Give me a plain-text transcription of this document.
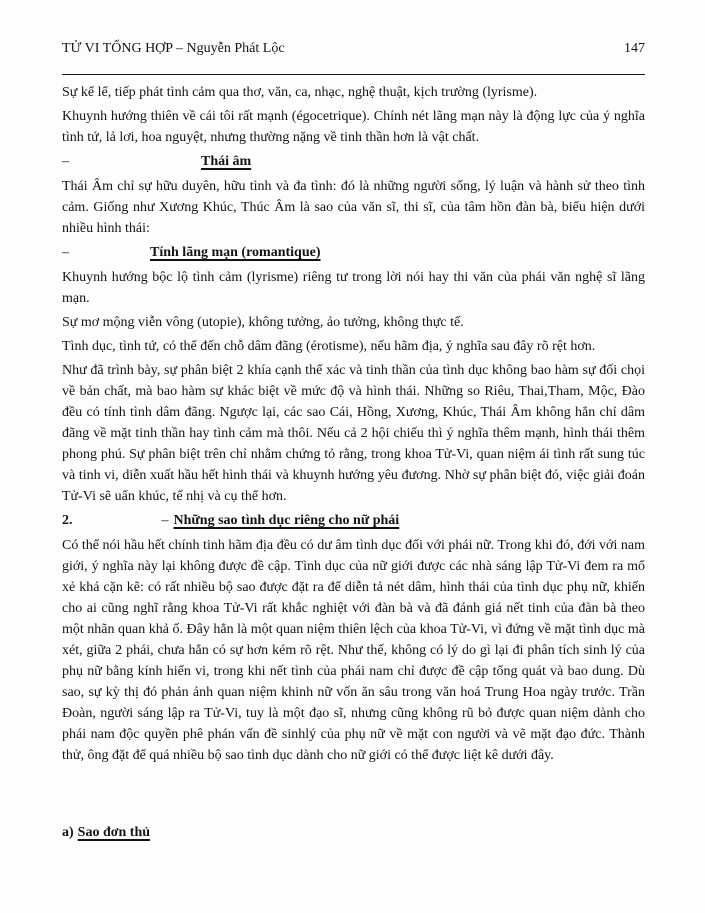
TỬ VI TỔNG HỢP – Nguyễn Phát Lộc	147

Sự kể lể, tiếp phát tình cảm qua thơ, văn, ca, nhạc, nghệ thuật, kịch trường (lyrisme).

Khuynh hướng thiên về cái tôi rất mạnh (égocetrique). Chính nét lãng mạn này là động lực của ý nghĩa tình tứ, lả lơi, hoa nguyệt, nhưng thường nặng về tinh thần hơn là vật chất.

–	Thái âm

Thái Âm chỉ sự hữu duyên, hữu tình và đa tình: đó là những người sống, lý luận và hành sử theo tình cảm. Giống như Xương Khúc, Thúc Âm là sao của văn sĩ, thi sĩ, của tâm hồn đàn bà, biểu hiện dưới nhiều hình thái:

–	Tính lãng mạn (romantique)

Khuynh hướng bộc lộ tình cảm (lyrisme) riêng tư trong lời nói hay thi văn của phái văn nghệ sĩ lãng mạn.

Sự mơ mộng viễn vông (utopie), không tưởng, ảo tưởng, không thực tế.

Tình dục, tình tứ, có thể đến chỗ dâm đãng (érotisme), nếu hãm địa, ý nghĩa sau đây rõ rệt hơn.

Như đã trình bày, sự phân biệt 2 khía cạnh thể xác và tinh thần của tình dục không bao hàm sự đối chọi về bản chất, mà bao hàm sự khác biệt về mức độ và hình thái. Những so Riêu, Thai,Tham, Mộc, Đào đều có tính tình dâm đãng. Ngược lại, các sao Cái, Hồng, Xương, Khúc, Thái Âm không hẳn chỉ dâm đãng về mặt tinh thần hay tình cảm mà thôi. Nếu cả 2 hội chiếu thì ý nghĩa thêm mạnh, hình thái thêm phong phú. Sự phân biệt trên chỉ nhằm chứng tỏ rằng, trong khoa Tử-Vi, quan niệm ái tình rất sung túc và tinh vi, diễn xuất hầu hết hình thái và khuynh hướng yêu đương. Nhờ sự phân biệt đó, việc giải đoán Tử-Vi sẽ uẩn khúc, tế nhị và cụ thể hơn.

2.	– Những sao tình dục riêng cho nữ phái

Có thể nói hầu hết chính tinh hãm địa đều có dư âm tình dục đối với phái nữ. Trong khi đó, đới với nam giới, ý nghĩa này lại không được đề cập. Tình dục của nữ giới được các nhà sáng lập Tử-Vi đem ra mổ xẻ khá cặn kẽ: có rất nhiều bộ sao được đặt ra để diễn tả nét dâm, hình thái của tình dục phụ nữ, khiến cho ai cũng nghĩ rằng khoa Tử-Vi rất khắc nghiệt với đàn bà và đã đánh giá nết tinh của đàn bà theo một nhãn quan khả ố. Đây hẳn là một quan niệm thiên lệch của khoa Tử-Vi, vì đứng về mặt tình dục mà xét, giữa 2 phái, chưa hẳn có sự hơn kém rõ rệt. Như thế, không có lý do gì lại đi phân tích sinh lý của phụ nữ bằng kính hiển vi, trong khi nết tình của phái nam chỉ được đề cập tổng quát và bao dung. Dù sao, sự kỳ thị đó phản ảnh quan niệm khinh nữ vốn ăn sâu trong văn hoá Trung Hoa ngày trước. Trần Đoàn, người sáng lập ra Tử-Vi, tuy là một đạo sĩ, nhưng cũng không rũ bỏ được quan niệm dành cho phái nam độc quyền phê phán vấn đề sinhlý của phụ nữ về mặt con người và vẽ mặt đạo đức. Thành thử, ông đặt để quá nhiều bộ sao tình dục dành cho nữ giới có thể được liệt kê dưới đây.

a) Sao đơn thủ
